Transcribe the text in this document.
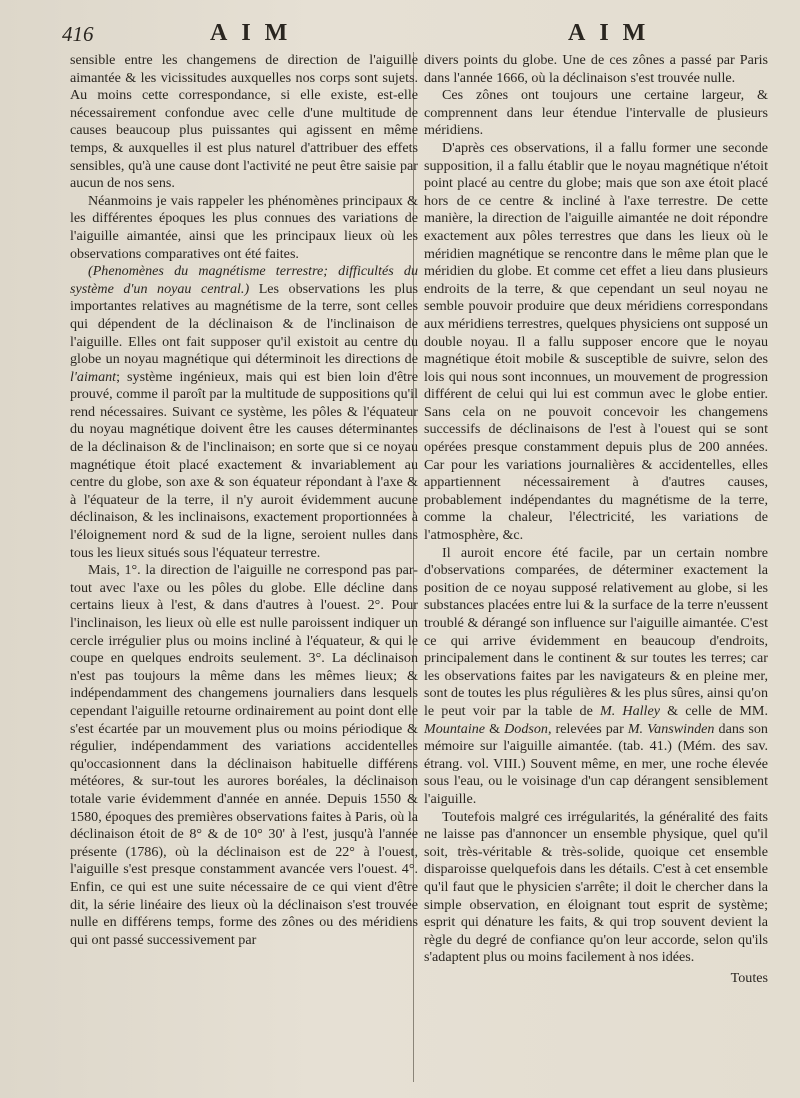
416	AIM	AIM

sensible entre les changemens de direction de l'aiguille aimantée & les vicissitudes auxquelles nos corps sont sujets. Au moins cette correspondance, si elle existe, est-elle nécessairement confondue avec celle d'une multitude de causes beaucoup plus puissantes qui agissent en même temps, & auxquelles il est plus naturel d'attribuer des effets sensibles, qu'à une cause dont l'activité ne peut être saisie par aucun de nos sens.

Néanmoins je vais rappeler les phénomènes principaux & les différentes époques les plus connues des variations de l'aiguille aimantée, ainsi que les principaux lieux où les observations comparatives ont été faites.

(Phenomènes du magnétisme terrestre; difficultés du système d'un noyau central.) Les observations les plus importantes relatives au magnétisme de la terre, sont celles qui dépendent de la déclinaison & de l'inclinaison de l'aiguille. Elles ont fait supposer qu'il existoit au centre du globe un noyau magnétique qui déterminoit les directions de l'aimant; système ingénieux, mais qui est bien loin d'être prouvé, comme il paroît par la multitude de suppositions qu'il rend nécessaires. Suivant ce système, les pôles & l'équateur du noyau magnétique doivent être les causes déterminantes de la déclinaison & de l'inclinaison; en sorte que si ce noyau magnétique étoit placé exactement & invariablement au centre du globe, son axe & son équateur répondant à l'axe & à l'équateur de la terre, il n'y auroit évidemment aucune déclinaison, & les inclinaisons, exactement proportionnées à l'éloignement nord & sud de la ligne, seroient nulles dans tous les lieux situés sous l'équateur terrestre.

Mais, 1°. la direction de l'aiguille ne correspond pas par-tout avec l'axe ou les pôles du globe. Elle décline dans certains lieux à l'est, & dans d'autres à l'ouest. 2°. Pour l'inclinaison, les lieux où elle est nulle paroissent indiquer un cercle irrégulier plus ou moins incliné à l'équateur, & qui le coupe en quelques endroits seulement. 3°. La déclinaison n'est pas toujours la même dans les mêmes lieux; & indépendamment des changemens journaliers dans lesquels cependant l'aiguille retourne ordinairement au point dont elle s'est écartée par un mouvement plus ou moins périodique & régulier, indépendamment des variations accidentelles qu'occasionnent dans la déclinaison habituelle différens météores, & sur-tout les aurores boréales, la déclinaison totale varie évidemment d'année en année. Depuis 1550 & 1580, époques des premières observations faites à Paris, où la déclinaison étoit de 8° & de 10° 30' à l'est, jusqu'à l'année présente (1786), où la déclinaison est de 22° à l'ouest, l'aiguille s'est presque constamment avancée vers l'ouest. 4°. Enfin, ce qui est une suite nécessaire de ce qui vient d'être dit, la série linéaire des lieux où la déclinaison s'est trouvée nulle en différens temps, forme des zônes ou des méridiens qui ont passé successivement par

divers points du globe. Une de ces zônes a passé par Paris dans l'année 1666, où la déclinaison s'est trouvée nulle.

Ces zônes ont toujours une certaine largeur, & comprennent dans leur étendue l'intervalle de plusieurs méridiens.

D'après ces observations, il a fallu former une seconde supposition, il a fallu établir que le noyau magnétique n'étoit point placé au centre du globe; mais que son axe étoit placé hors de ce centre & incliné à l'axe terrestre. De cette manière, la direction de l'aiguille aimantée ne doit répondre exactement aux pôles terrestres que dans les lieux où le méridien magnétique se rencontre dans le même plan que le méridien du globe. Et comme cet effet a lieu dans plusieurs endroits de la terre, & que cependant un seul noyau ne semble pouvoir produire que deux méridiens correspondans aux méridiens terrestres, quelques physiciens ont supposé un double noyau. Il a fallu supposer encore que le noyau magnétique étoit mobile & susceptible de suivre, selon des lois qui nous sont inconnues, un mouvement de progression différent de celui qui lui est commun avec le globe entier. Sans cela on ne pouvoit concevoir les changemens successifs de déclinaisons de l'est à l'ouest qui se sont opérées presque constamment depuis plus de 200 années. Car pour les variations journalières & accidentelles, elles appartiennent nécessairement à d'autres causes, probablement indépendantes du magnétisme de la terre, comme la chaleur, l'électricité, les variations de l'atmosphère, &c.

Il auroit encore été facile, par un certain nombre d'observations comparées, de déterminer exactement la position de ce noyau supposé relativement au globe, si les substances placées entre lui & la surface de la terre n'eussent troublé & dérangé son influence sur l'aiguille aimantée. C'est ce qui arrive évidemment en beaucoup d'endroits, principalement dans le continent & sur toutes les terres; car les observations faites par les navigateurs & en pleine mer, sont de toutes les plus régulières & les plus sûres, ainsi qu'on le peut voir par la table de M. Halley & celle de MM. Mountaine & Dodson, relevées par M. Vanswinden dans son mémoire sur l'aiguille aimantée. (tab. 41.) (Mém. des sav. étrang. vol. VIII.) Souvent même, en mer, une roche élevée sous l'eau, ou le voisinage d'un cap dérangent sensiblement l'aiguille.

Toutefois malgré ces irrégularités, la généralité des faits ne laisse pas d'annoncer un ensemble physique, quel qu'il soit, très-véritable & très-solide, quoique cet ensemble disparoisse quelquefois dans les détails. C'est à cet ensemble qu'il faut que le physicien s'arrête; il doit le chercher dans la simple observation, en éloignant tout esprit de système; esprit qui dénature les faits, & qui trop souvent devient la règle du degré de confiance qu'on leur accorde, selon qu'ils s'adaptent plus ou moins facilement à nos idées.

Toutes
